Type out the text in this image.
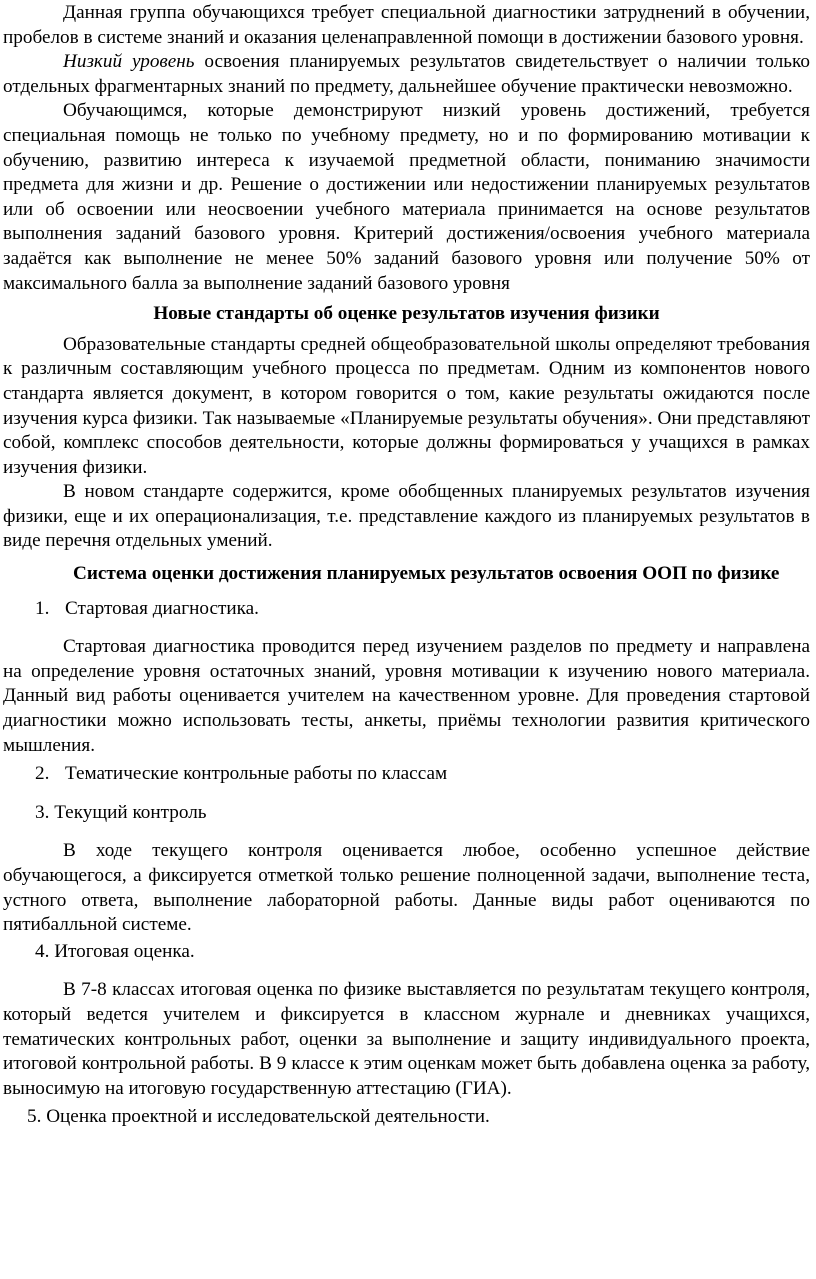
Данная группа обучающихся требует специальной диагностики затруднений в обучении, пробелов в системе знаний и оказания целенаправленной помощи в достижении базового уровня.

Низкий уровень освоения планируемых результатов свидетельствует о наличии только отдельных фрагментарных знаний по предмету, дальнейшее обучение практически невозможно.

Обучающимся, которые демонстрируют низкий уровень достижений, требуется специальная помощь не только по учебному предмету, но и по формированию мотивации к обучению, развитию интереса к изучаемой предметной области, пониманию значимости предмета для жизни и др. Решение о достижении или недостижении планируемых результатов или об освоении или неосвоении учебного материала принимается на основе результатов выполнения заданий базового уровня. Критерий достижения/освоения учебного материала задаётся как выполнение не менее 50% заданий базового уровня или получение 50% от максимального балла за выполнение заданий базового уровня

Новые стандарты об оценке результатов изучения физики

Образовательные стандарты средней общеобразовательной школы определяют требования к различным составляющим учебного процесса по предметам. Одним из компонентов нового стандарта является документ, в котором говорится о том, какие результаты ожидаются после изучения курса физики. Так называемые «Планируемые результаты обучения». Они представляют собой, комплекс способов деятельности, которые должны формироваться у учащихся в рамках изучения физики.

В новом стандарте содержится, кроме обобщенных планируемых результатов изучения физики, еще и их операционализация, т.е. представление каждого из планируемых результатов в виде перечня отдельных умений.

Система оценки достижения планируемых результатов освоения ООП по физике

1. Стартовая диагностика.

Стартовая диагностика проводится перед изучением разделов по предмету и направлена на определение уровня остаточных знаний, уровня мотивации к изучению нового материала. Данный вид работы оценивается учителем на качественном уровне. Для проведения стартовой диагностики можно использовать тесты, анкеты, приёмы технологии развития критического мышления.

2. Тематические контрольные работы по классам

3. Текущий контроль

В ходе текущего контроля оценивается любое, особенно успешное действие обучающегося, а фиксируется отметкой только решение полноценной задачи, выполнение теста, устного ответа, выполнение лабораторной работы. Данные виды работ оцениваются по пятибалльной системе.

4. Итоговая оценка.

В 7-8 классах итоговая оценка по физике выставляется по результатам текущего контроля, который ведется учителем и фиксируется в классном журнале и дневниках учащихся, тематических контрольных работ, оценки за выполнение и защиту индивидуального проекта, итоговой контрольной работы. В 9 классе к этим оценкам может быть добавлена оценка за работу, выносимую на итоговую государственную аттестацию (ГИА).

5. Оценка проектной и исследовательской деятельности.
